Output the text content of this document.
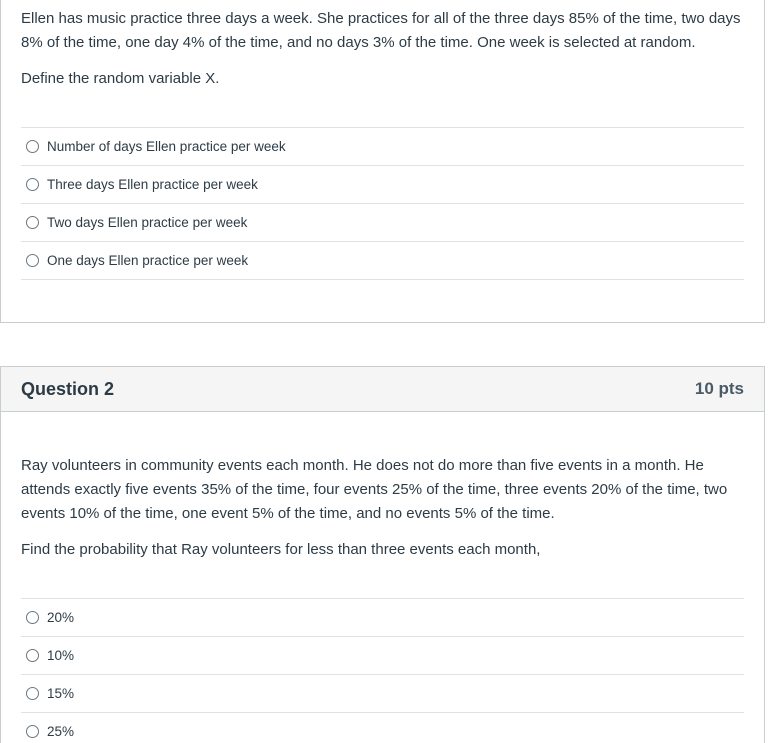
Ellen has music practice three days a week. She practices for all of the three days 85% of the time, two days 8% of the time, one day 4% of the time, and no days 3% of the time. One week is selected at random.

Define the random variable X.

Number of days Ellen practice per week
Three days Ellen practice per week
Two days Ellen practice per week
One days Ellen practice per week
Question 2	10 pts

Ray volunteers in community events each month. He does not do more than five events in a month. He attends exactly five events 35% of the time, four events 25% of the time, three events 20% of the time, two events 10% of the time, one event 5% of the time, and no events 5% of the time.

Find the probability that Ray volunteers for less than three events each month,

20%
10%
15%
25%
